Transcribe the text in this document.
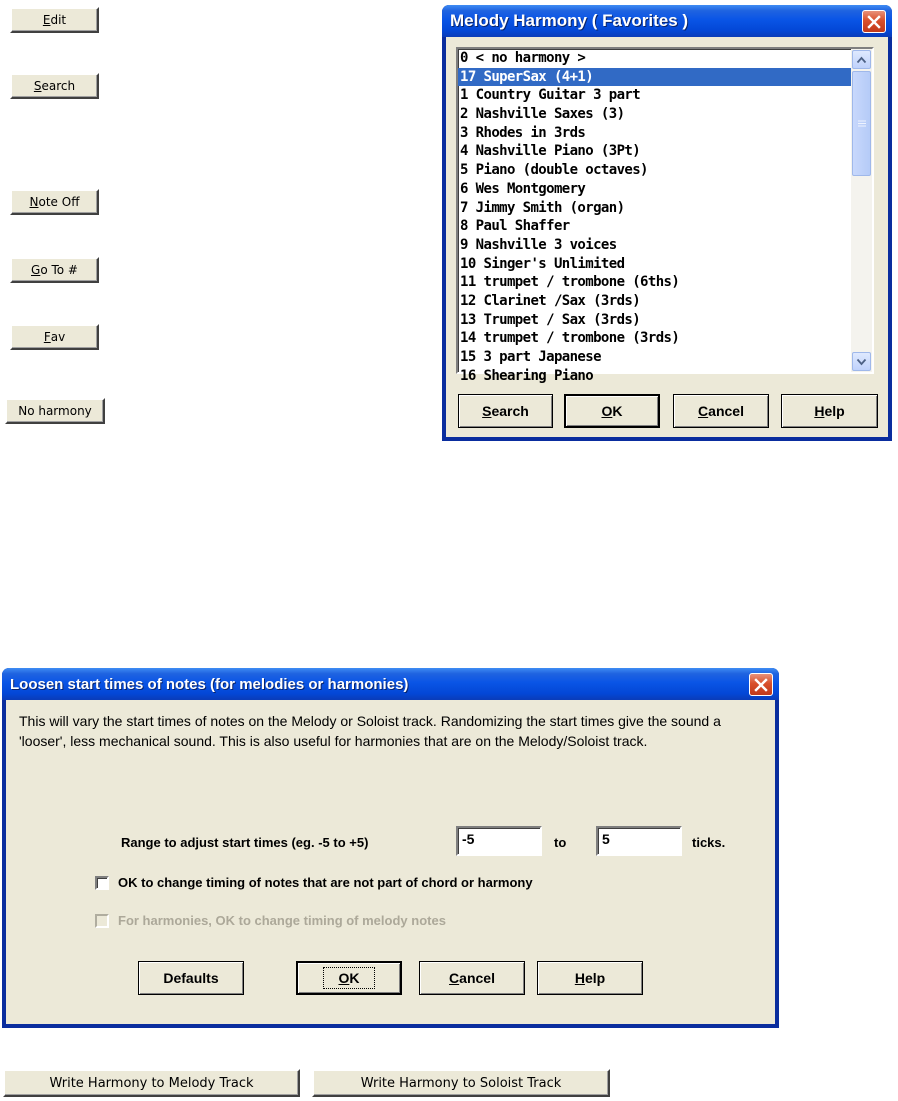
E dit
S earch
N ote Off
G o To #
F av
No harmony
Melody Harmony ( Favorites )
0 < no harmony >
17 SuperSax (4+1)
1 Country Guitar 3 part
2 Nashville Saxes (3)
3 Rhodes in 3rds
4 Nashville Piano (3Pt)
5 Piano (double octaves)
6 Wes Montgomery
7 Jimmy Smith (organ)
8 Paul Shaffer
9 Nashville 3 voices
10 Singer's Unlimited
11 trumpet / trombone (6ths)
12 Clarinet /Sax (3rds)
13 Trumpet / Sax (3rds)
14 trumpet / trombone (3rds)
15 3 part Japanese
16 Shearing Piano
S earch	O K	C ancel	H elp
Loosen start times of notes (for melodies or harmonies)
This will vary the start times of notes on the Melody or Soloist track. Randomizing the start times give the sound a 'looser', less mechanical sound. This is also useful for harmonies that are on the Melody/Soloist track.
Range to adjust start times (eg. -5 to +5)	-5	to	5	ticks.
OK to change timing of notes that are not part of chord or harmony
For harmonies, OK to change timing of melody notes
Defaults	OK	C ancel	H elp
Write Harmony to Melody Track	Write Harmony to Soloist Track
